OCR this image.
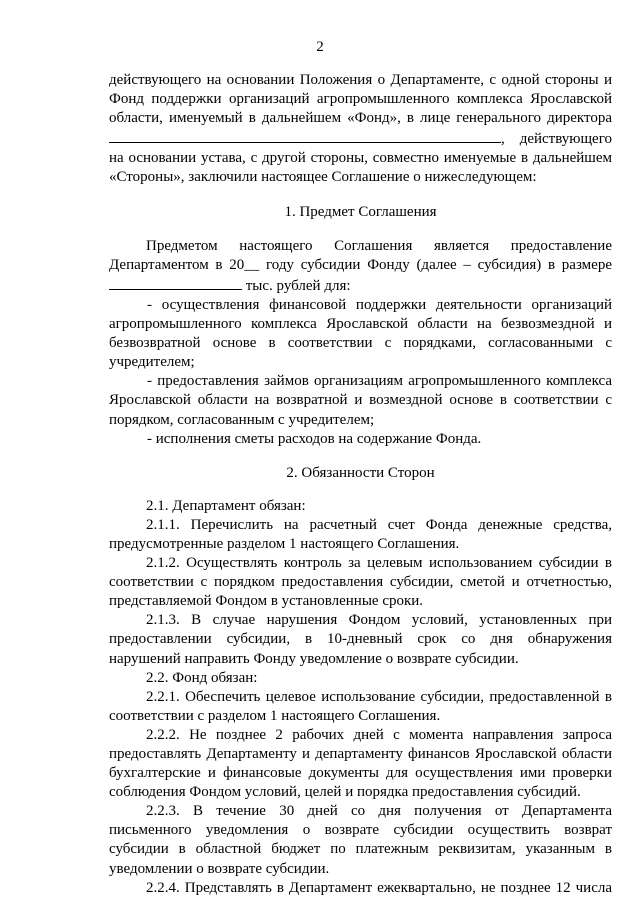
2

действующего на основании Положения о Департаменте, с одной стороны и

Фонд поддержки организаций агропромышленного комплекса Ярославской

области, именуемый в дальнейшем «Фонд», в лице генерального директора

, действующего

на основании устава, с другой стороны, совместно именуемые в дальнейшем

«Стороны», заключили настоящее Соглашение о нижеследующем:

1. Предмет Соглашения

Предметом настоящего Соглашения является предоставление

Департаментом в 20__ году субсидии Фонду (далее – субсидия) в размере

тыс. рублей для:

- осуществления финансовой поддержки деятельности организаций

агропромышленного комплекса Ярославской области на безвозмездной и

безвозвратной основе в соответствии с порядками, согласованными с

учредителем;

- предоставления займов организациям агропромышленного комплекса

Ярославской области на возвратной и возмездной основе в соответствии с

порядком, согласованным с учредителем;

- исполнения сметы расходов на содержание Фонда.

2. Обязанности Сторон

2.1. Департамент обязан:

2.1.1. Перечислить на расчетный счет Фонда денежные средства,

предусмотренные разделом 1 настоящего Соглашения.

2.1.2. Осуществлять контроль за целевым использованием субсидии в

соответствии с порядком предоставления субсидии, сметой и отчетностью,

представляемой Фондом в установленные сроки.

2.1.3. В случае нарушения Фондом условий, установленных при

предоставлении субсидии, в 10-дневный срок со дня обнаружения

нарушений направить Фонду уведомление о возврате субсидии.

2.2. Фонд обязан:

2.2.1. Обеспечить целевое использование субсидии, предоставленной в

соответствии с разделом 1 настоящего Соглашения.

2.2.2. Не позднее 2 рабочих дней с момента направления запроса

предоставлять Департаменту и департаменту финансов Ярославской области

бухгалтерские и финансовые документы для осуществления ими проверки

соблюдения Фондом условий, целей и порядка предоставления субсидий.

2.2.3. В течение 30 дней со дня получения от Департамента

письменного уведомления о возврате субсидии осуществить возврат

субсидии в областной бюджет по платежным реквизитам, указанным в

уведомлении о возврате субсидии.

2.2.4. Представлять в Департамент ежеквартально, не позднее 12 числа
